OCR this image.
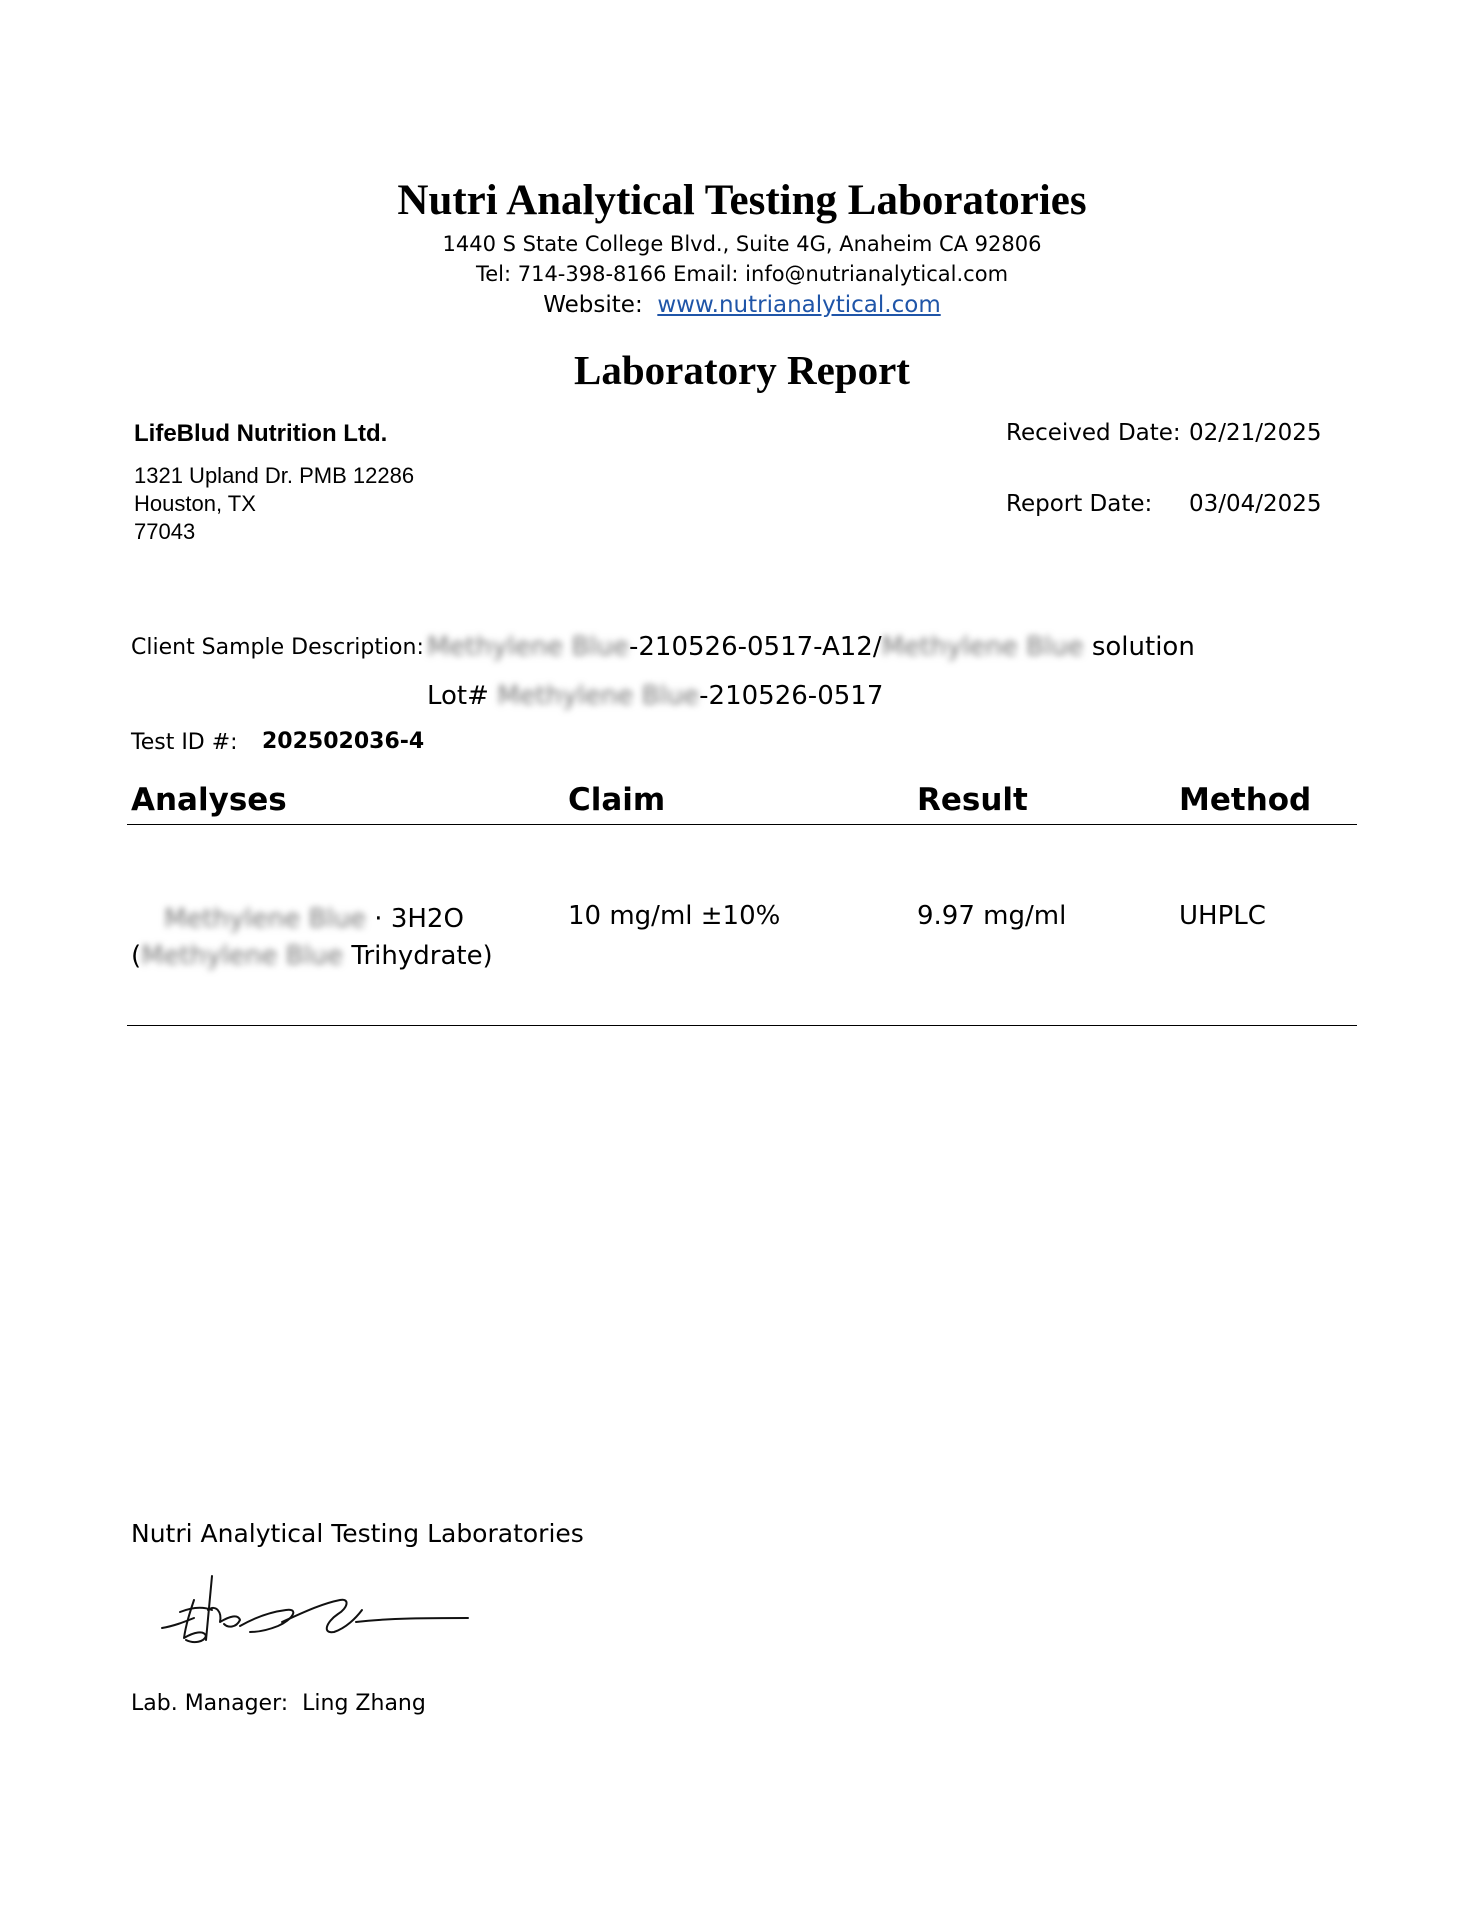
Nutri Analytical Testing Laboratories
1440 S State College Blvd., Suite 4G, Anaheim CA 92806
Tel: 714-398-8166 Email: info@nutrianalytical.com
Website: www.nutrianalytical.com
Laboratory Report
LifeBlud Nutrition Ltd.
1321 Upland Dr. PMB 12286
Houston, TX
77043
Received Date: 02/21/2025
Report Date: 03/04/2025
Client Sample Description: Methylene Blue-210526-0517-A12/Methylene Blue solution
Lot# Methylene Blue-210526-0517
Test ID #: 202502036-4
Analyses	Claim	Result	Method
Methylene Blue · 3H2O
(Methylene Blue Trihydrate)
10 mg/ml ±10%	9.97 mg/ml	UHPLC
Nutri Analytical Testing Laboratories
Lab. Manager: Ling Zhang
